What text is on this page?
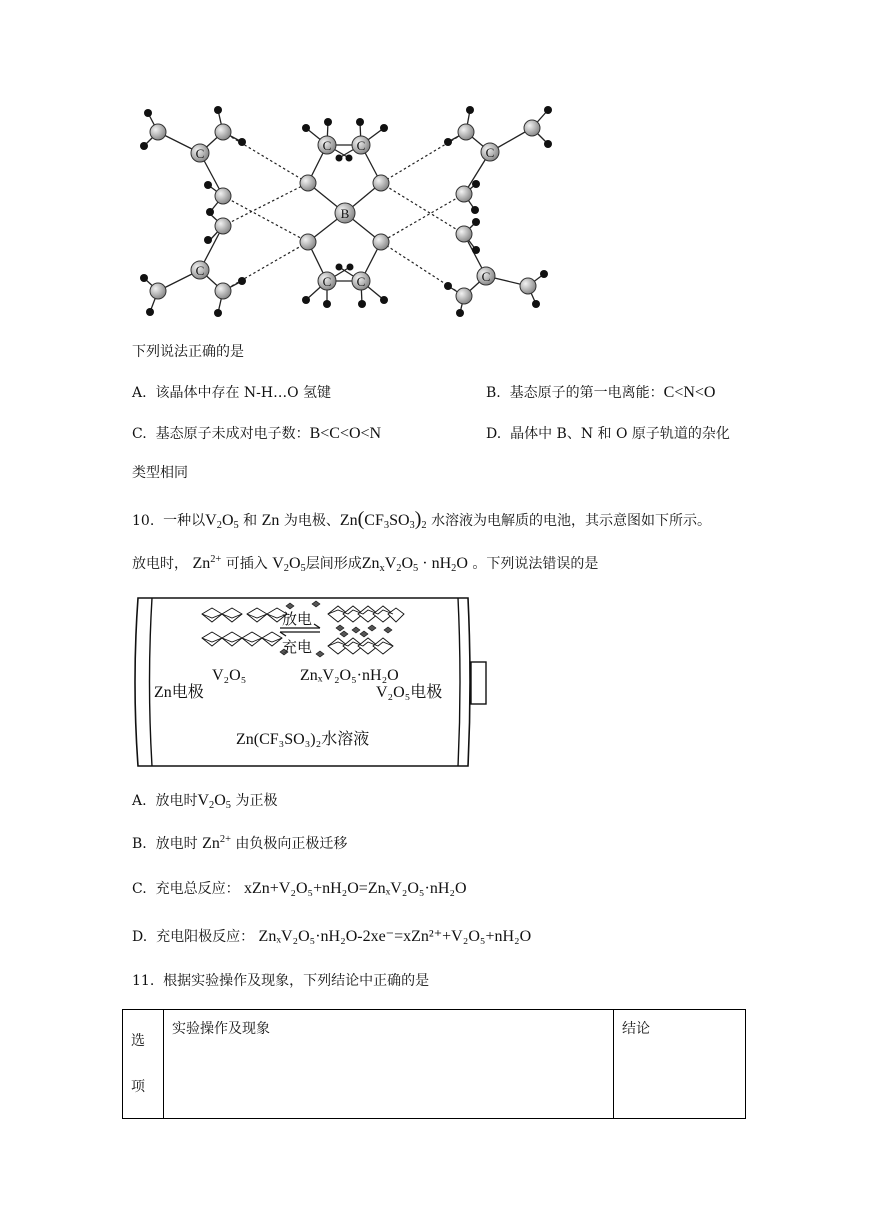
C
C
C
C
C C
C C
B
下列说法正确的是
A. 该晶体中存在 N-H…O 氢键	B. 基态原子的第一电离能：C<N<O
C. 基态原子未成对电子数：B<C<O<N	D. 晶体中 B、N 和 O 原子轨道的杂化
类型相同
10. 一种以$V_2O_5$ 和 Zn 为电极、$Zn(CF_3SO_3)_2$ 水溶液为电解质的电池，其示意图如下所示。
放电时， $Zn^{2+}$ 可插入 $V_2O_5$层间形成$Zn_xV_2O_5 \cdot nH_2O$ 。下列说法错误的是
放电
充电
V₂O₅	ZnₓV₂O₅·nH₂O
Zn电极	V₂O₅电极
Zn(CF₃SO₃)₂水溶液
A. 放电时$V_2O_5$ 为正极
B. 放电时 $Zn^{2+}$ 由负极向正极迁移
C. 充电总反应： xZn+V₂O₅+nH₂O=ZnₓV₂O₅·nH₂O
D. 充电阳极反应： ZnₓV₂O₅·nH₂O-2xe⁻=xZn²⁺+V₂O₅+nH₂O
11. 根据实验操作及现象，下列结论中正确的是
选项	实验操作及现象	结论
